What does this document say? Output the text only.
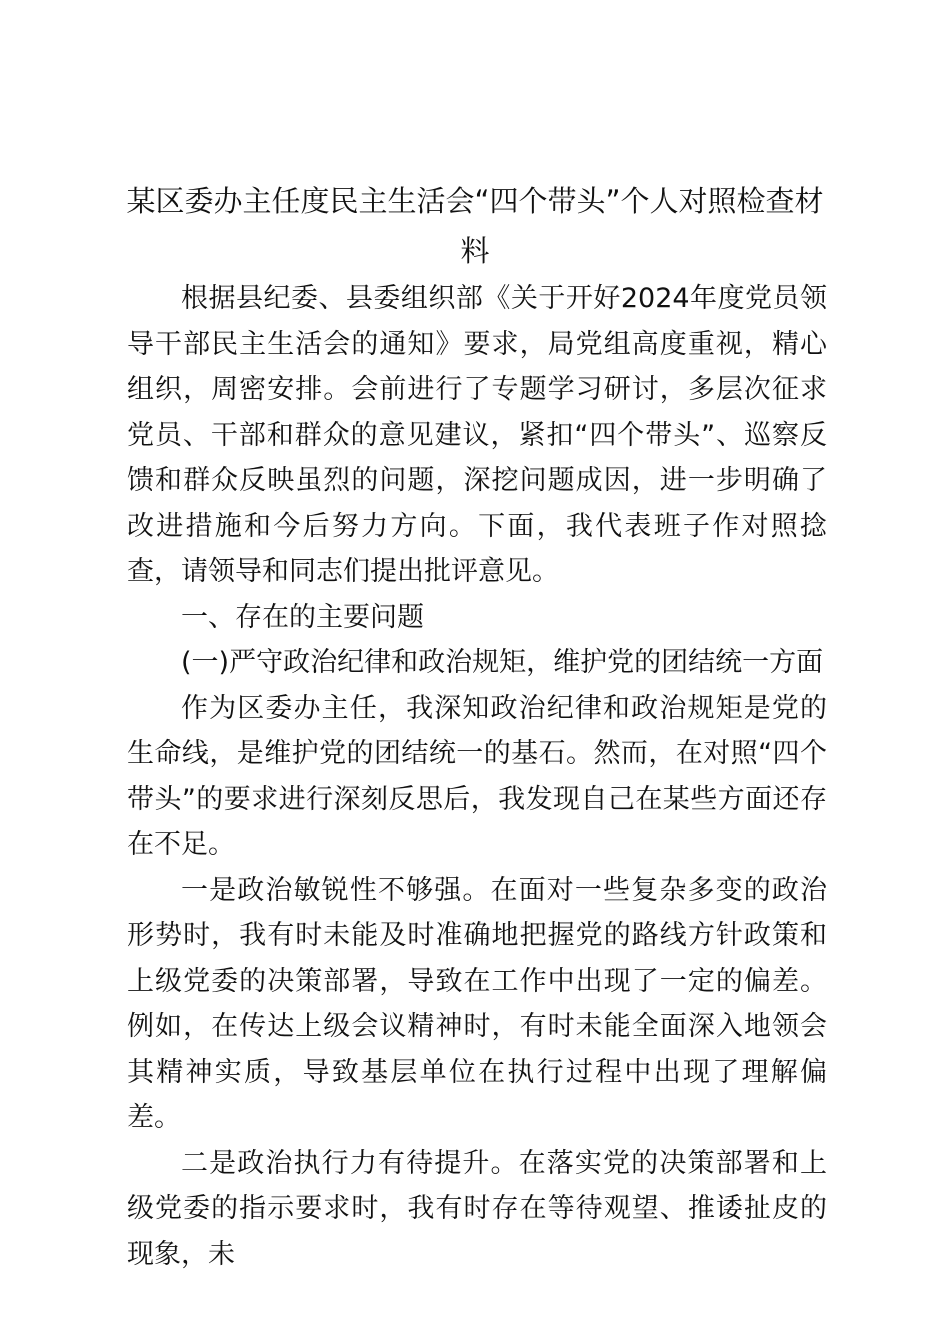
某区委办主任度民主生活会“四个带头”个人对照检查材料

根据县纪委、县委组织部《关于开好2024年度党员领导干部民主生活会的通知》要求，局党组高度重视，精心组织，周密安排。会前进行了专题学习研讨，多层次征求党员、干部和群众的意见建议，紧扣“四个带头”、巡察反馈和群众反映虽烈的问题，深挖问题成因，进一步明确了改进措施和今后努力方向。下面，我代表班子作对照捻查，请领导和同志们提出批评意见。

一、存在的主要问题

(一)严守政治纪律和政治规矩，维护党的团结统一方面

作为区委办主任，我深知政治纪律和政治规矩是党的生命线，是维护党的团结统一的基石。然而，在对照“四个带头”的要求进行深刻反思后，我发现自己在某些方面还存在不足。

一是政治敏锐性不够强。在面对一些复杂多变的政治形势时，我有时未能及时准确地把握党的路线方针政策和上级党委的决策部署，导致在工作中出现了一定的偏差。例如，在传达上级会议精神时，有时未能全面深入地领会其精神实质，导致基层单位在执行过程中出现了理解偏差。

二是政治执行力有待提升。在落实党的决策部署和上级党委的指示要求时，我有时存在等待观望、推诿扯皮的现象，未
